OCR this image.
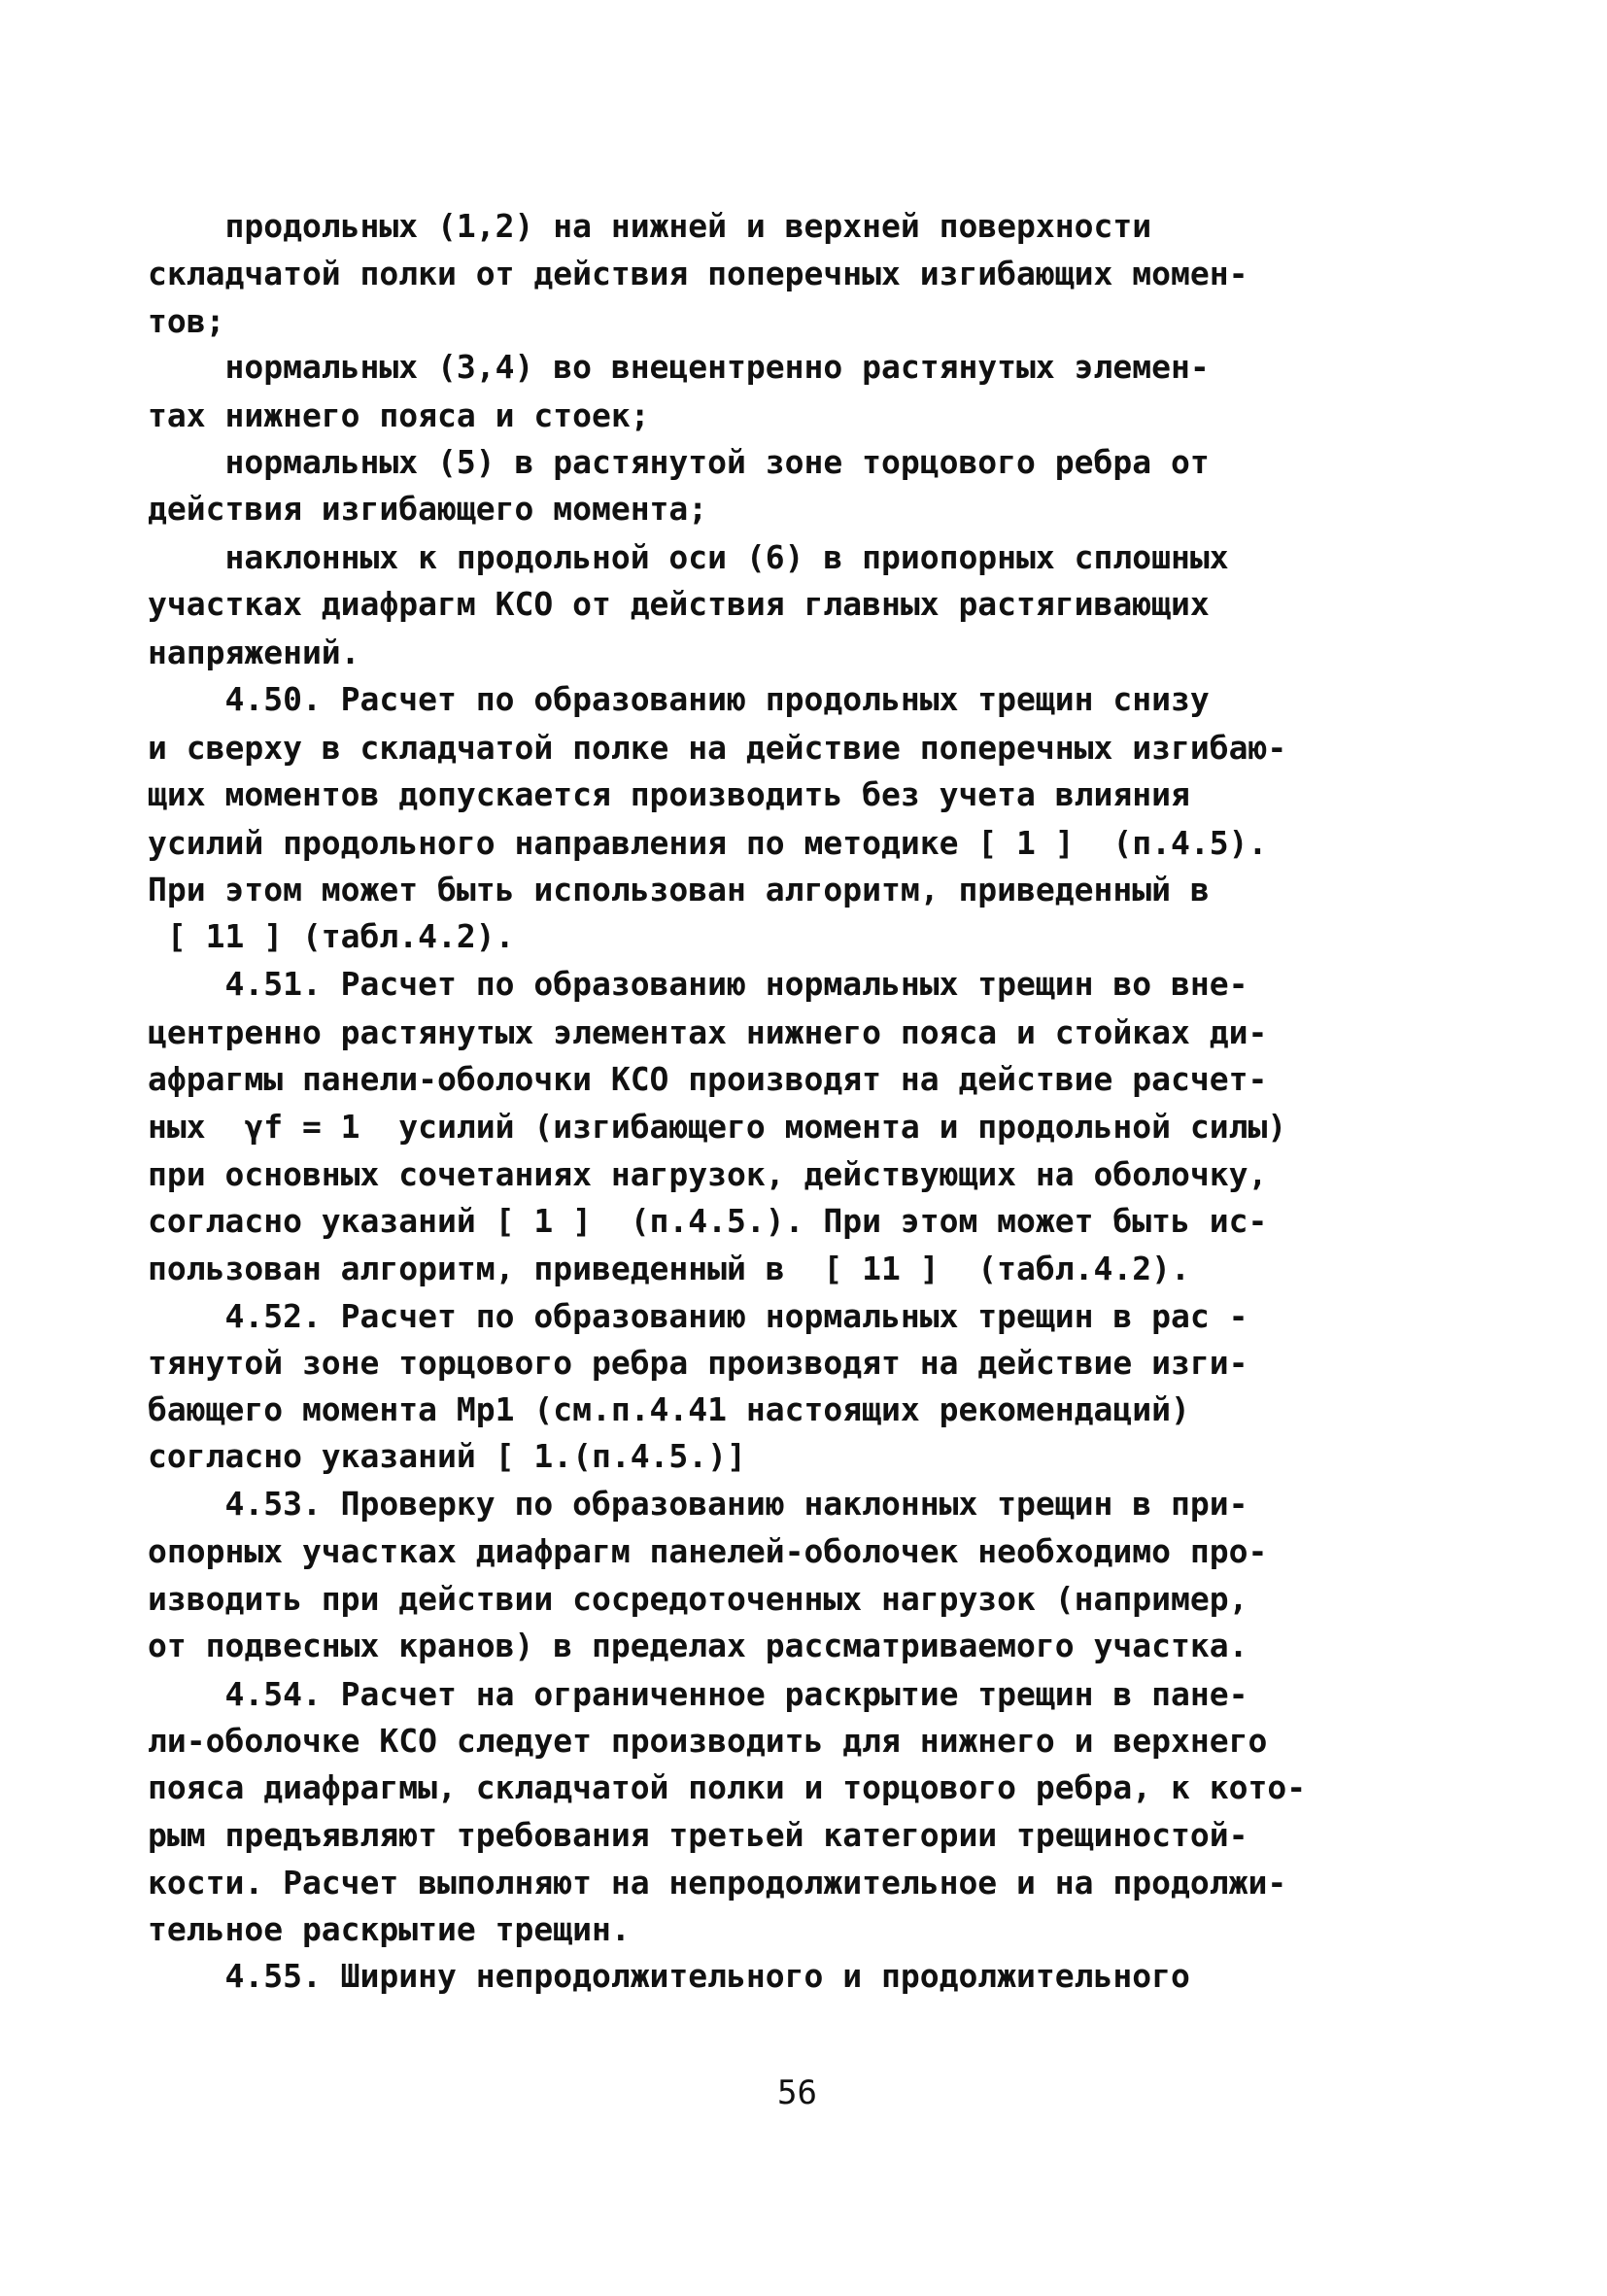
продольных (1,2) на нижней и верхней поверхности
складчатой полки от действия поперечных изгибающих момен-
тов;
нормальных (3,4) во внецентренно растянутых элемен-
тах нижнего пояса и стоек;
нормальных (5) в растянутой зоне торцового ребра от
действия изгибающего момента;
наклонных к продольной оси (6) в приопорных сплошных
участках диафрагм КСО от действия главных растягивающих
напряжений.
4.50. Расчет по образованию продольных трещин снизу
и сверху в складчатой полке на действие поперечных изгибаю-
щих моментов допускается производить без учета влияния
усилий продольного направления по методике [ 1 ]  (п.4.5).
При этом может быть использован алгоритм, приведенный в
[ 11 ] (табл.4.2).
4.51. Расчет по образованию нормальных трещин во вне-
центренно растянутых элементах нижнего пояса и стойках ди-
афрагмы панели-оболочки КСО производят на действие расчет-
ных  γf = 1  усилий (изгибающего момента и продольной силы)
при основных сочетаниях нагрузок, действующих на оболочку,
согласно указаний [ 1 ]  (п.4.5.). При этом может быть ис-
пользован алгоритм, приведенный в  [ 11 ]  (табл.4.2).
4.52. Расчет по образованию нормальных трещин в рас -
тянутой зоне торцового ребра производят на действие изги-
бающего момента Mp1 (см.п.4.41 настоящих рекомендаций)
согласно указаний [ 1.(п.4.5.)]
4.53. Проверку по образованию наклонных трещин в при-
опорных участках диафрагм панелей-оболочек необходимо про-
изводить при действии сосредоточенных нагрузок (например,
от подвесных кранов) в пределах рассматриваемого участка.
4.54. Расчет на ограниченное раскрытие трещин в пане-
ли-оболочке КСО следует производить для нижнего и верхнего
пояса диафрагмы, складчатой полки и торцового ребра, к кото-
рым предъявляют требования третьей категории трещиностой-
кости. Расчет выполняют на непродолжительное и на продолжи-
тельное раскрытие трещин.
4.55. Ширину непродолжительного и продолжительного
56
